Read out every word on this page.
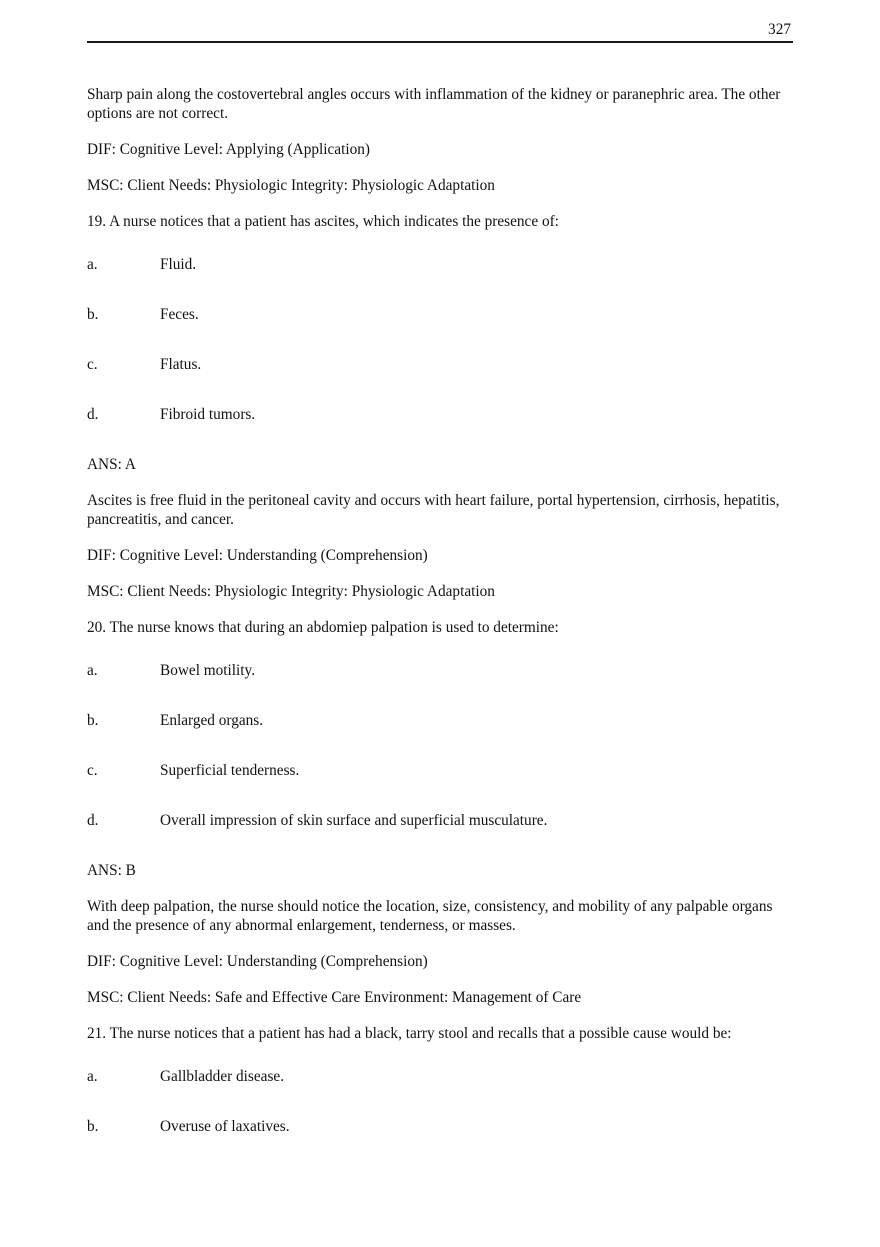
327

Sharp pain along the costovertebral angles occurs with inflammation of the kidney or paranephric area. The other options are not correct.

DIF: Cognitive Level: Applying (Application)

MSC: Client Needs: Physiologic Integrity: Physiologic Adaptation

19. A nurse notices that a patient has ascites, which indicates the presence of:

a.	Fluid.
b.	Feces.
c.	Flatus.
d.	Fibroid tumors.

ANS: A

Ascites is free fluid in the peritoneal cavity and occurs with heart failure, portal hypertension, cirrhosis, hepatitis, pancreatitis, and cancer.

DIF: Cognitive Level: Understanding (Comprehension)

MSC: Client Needs: Physiologic Integrity: Physiologic Adaptation

20. The nurse knows that during an abdomiep palpation is used to determine:

a.	Bowel motility.
b.	Enlarged organs.
c.	Superficial tenderness.
d.	Overall impression of skin surface and superficial musculature.

ANS: B

With deep palpation, the nurse should notice the location, size, consistency, and mobility of any palpable organs and the presence of any abnormal enlargement, tenderness, or masses.

DIF: Cognitive Level: Understanding (Comprehension)

MSC: Client Needs: Safe and Effective Care Environment: Management of Care

21. The nurse notices that a patient has had a black, tarry stool and recalls that a possible cause would be:

a.	Gallbladder disease.
b.	Overuse of laxatives.
